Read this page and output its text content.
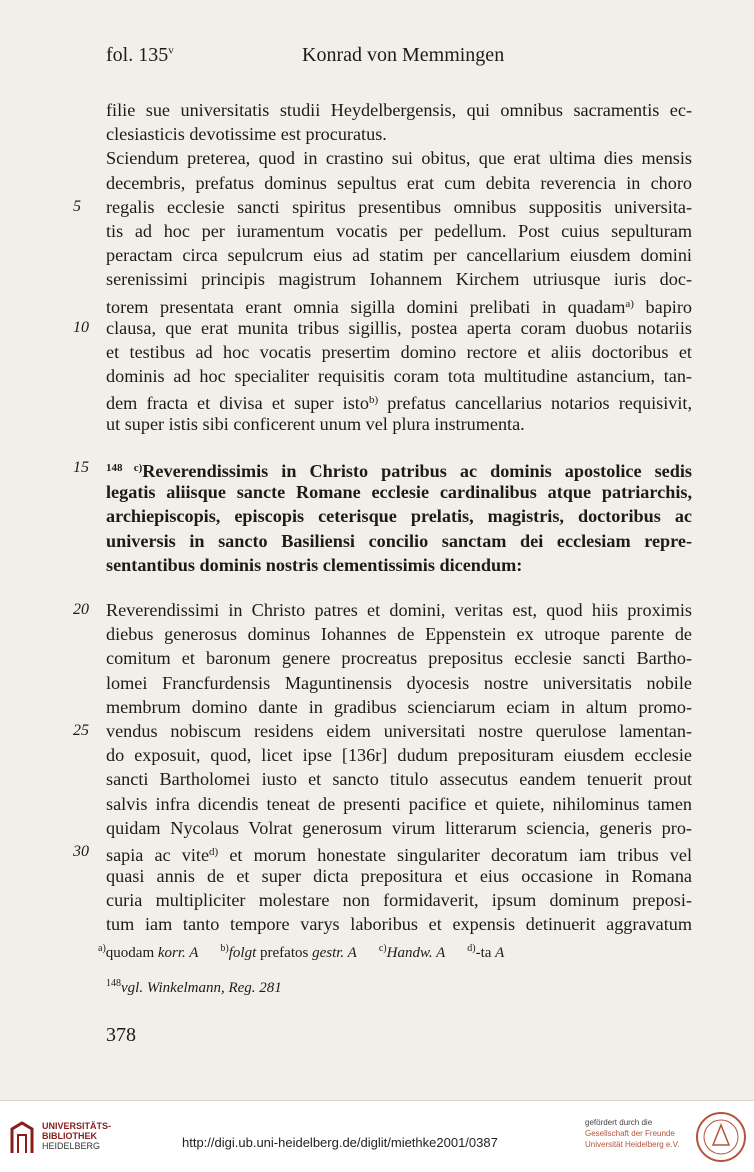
fol. 135$^v$	Konrad von Memmingen
filie sue universitatis studii Heydelbergensis, qui omnibus sacramentis ec-
clesiasticis devotissime est procuratus.
Sciendum preterea, quod in crastino sui obitus, que erat ultima dies mensis
decembris, prefatus dominus sepultus erat cum debita reverencia in choro
5	regalis ecclesie sancti spiritus presentibus omnibus suppositis universita-
tis ad hoc per iuramentum vocatis per pedellum. Post cuius sepulturam
peractam circa sepulcrum eius ad statim per cancellarium eiusdem domini
serenissimi principis magistrum Iohannem Kirchem utriusque iuris doc-
torem presentata erant omnia sigilla domini prelibati in quadam$^{a)}$ bapiro
10 clausa, que erat munita tribus sigillis, postea aperta coram duobus notariis
et testibus ad hoc vocatis presertim domino rectore et aliis doctoribus et
dominis ad hoc specialiter requisitis coram tota multitudine astancium, tan-
dem fracta et divisa et super isto$^{b)}$ prefatus cancellarius notarios requisivit,
ut super istis sibi conficerent unum vel plura instrumenta.
15	$^{148 c)}$Reverendissimis in Christo patribus ac dominis apostolice sedis
legatis aliisque sancte Romane ecclesie cardinalibus atque patriarchis,
archiepiscopis, episcopis ceterisque prelatis, magistris, doctoribus ac
universis in sancto Basiliensi concilio sanctam dei ecclesiam repre-
sentantibus dominis nostris clementissimis dicendum:
20 Reverendissimi in Christo patres et domini, veritas est, quod hiis proximis
diebus generosus dominus Iohannes de Eppenstein ex utroque parente de
comitum et baronum genere procreatus prepositus ecclesie sancti Bartho-
lomei Francfurdensis Maguntinensis dyocesis nostre universitatis nobile
membrum domino dante in gradibus scienciarum eciam in altum promo-
25 vendus nobiscum residens eidem universitati nostre querulose lamentan-
do exposuit, quod, licet ipse [136r] dudum preposituram eiusdem ecclesie
sancti Bartholomei iusto et sancto titulo assecutus eandem tenuerit prout
salvis infra dicendis teneat de presenti pacifice et quiete, nihilominus tamen
quidam Nycolaus Volrat generosum virum litterarum sciencia, generis pro-
30 sapia ac vite$^{d)}$ et morum honestate singulariter decoratum iam tribus vel
quasi annis de et super dicta prepositura et eius occasione in Romana
curia multipliciter molestare non formidaverit, ipsum dominum preposi-
tum iam tanto tempore varys laboribus et expensis detinuerit aggravatum
$^{a)}$quodam korr. A $^{b)}$folgt prefatos gestr. A $^{c)}$Handw. A $^{d)}$-ta A
$^{148}$vgl. Winkelmann, Reg. 281
378
UNIVERSITÄTS-
BIBLIOTHEK
HEIDELBERG	http://digi.ub.uni-heidelberg.de/diglit/miethke2001/0387
gefördert durch die
Gesellschaft der Freunde
Universität Heidelberg e.V.
